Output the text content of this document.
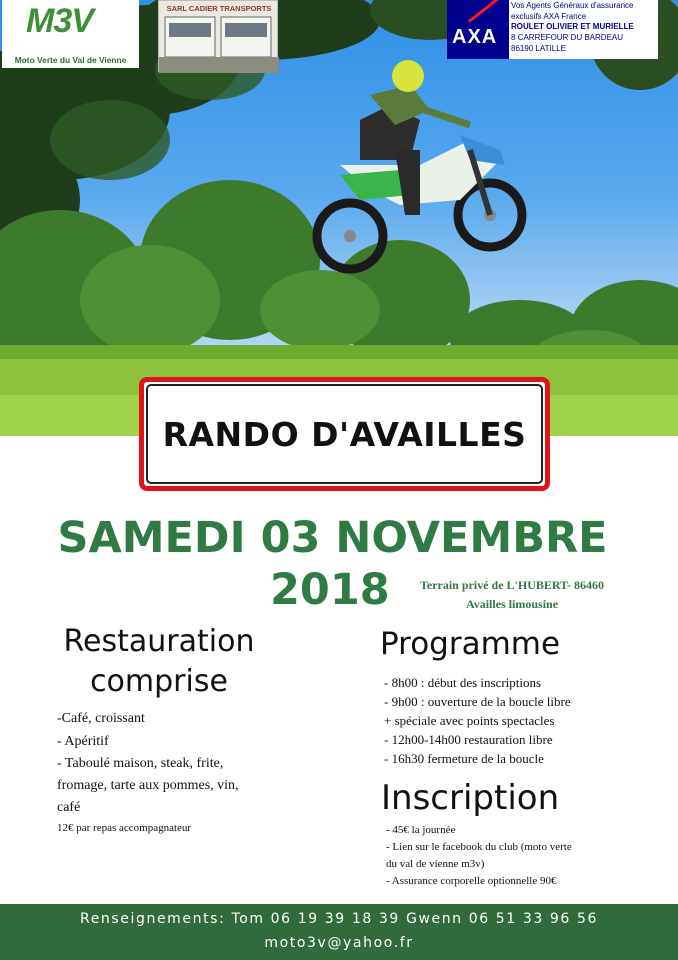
M3V
Moto Verte du Val de Vienne
SARL CADIER TRANSPORTS
AXA
Vos Agents Généraux d'assurance
exclusifs AXA France
ROULET OLIVIER ET MURIELLE
8 CARREFOUR DU BARDEAU
86190 LATILLE
RANDO D'AVAILLES
SAMEDI 03 NOVEMBRE
2018	Terrain privé de L'HUBERT- 86460
Availles limousine
Restauration
comprise
-Café, croissant
- Apéritif
- Taboulé maison, steak, frite,
fromage, tarte aux pommes, vin,
café
12€ par repas accompagnateur
Programme
- 8h00 : début des inscriptions
- 9h00 : ouverture de la boucle libre
+ spéciale avec points spectacles
- 12h00-14h00 restauration libre
- 16h30 fermeture de la boucle
Inscription
- 45€ la journée
- Lien sur le facebook du club (moto verte
du val de vienne m3v)
- Assurance corporelle optionnelle 90€
Renseignements: Tom 06 19 39 18 39 Gwenn 06 51 33 96 56
moto3v@yahoo.fr
